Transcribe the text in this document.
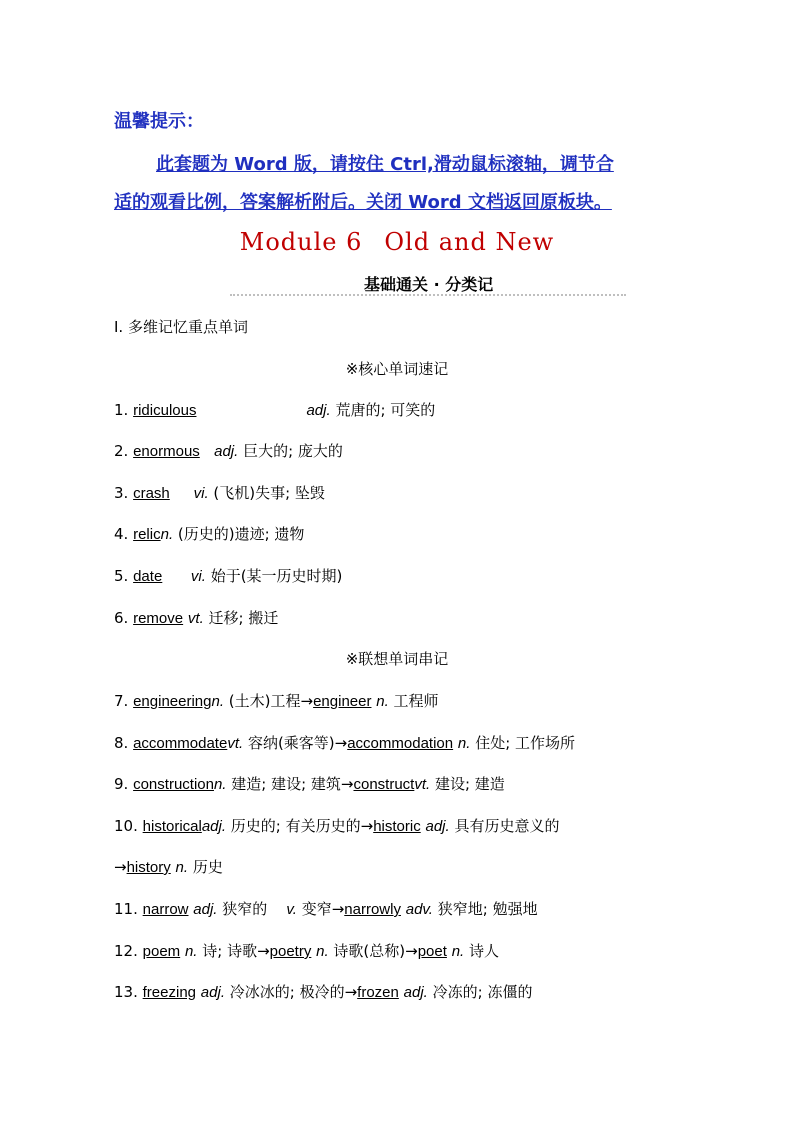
温馨提示：
此套题为 Word 版，请按住 Ctrl,滑动鼠标滚轴，调节合
适的观看比例，答案解析附后。关闭 Word 文档返回原板块。
Module 6 Old and New
基础通关 · 分类记
Ⅰ. 多维记忆重点单词
※核心单词速记
1. ridiculous	adj. 荒唐的; 可笑的
2. enormous adj. 巨大的; 庞大的
3. crash vi. (飞机)失事; 坠毁
4. relicn. (历史的)遗迹; 遗物
5. date vi. 始于(某一历史时期)
6. remove vt. 迁移; 搬迁
※联想单词串记
7. engineeringn. (土木)工程→engineer n. 工程师
8. accommodatevt. 容纳(乘客等)→accommodation n. 住处; 工作场所
9. constructionn. 建造; 建设; 建筑→constructvt. 建设; 建造
10. historicaladj. 历史的; 有关历史的→historic adj. 具有历史意义的
→history n. 历史
11. narrow adj. 狭窄的 v. 变窄→narrowly adv. 狭窄地; 勉强地
12. poem n. 诗; 诗歌→poetry n. 诗歌(总称)→poet n. 诗人
13. freezing adj. 冷冰冰的; 极冷的→frozen adj. 冷冻的; 冻僵的
